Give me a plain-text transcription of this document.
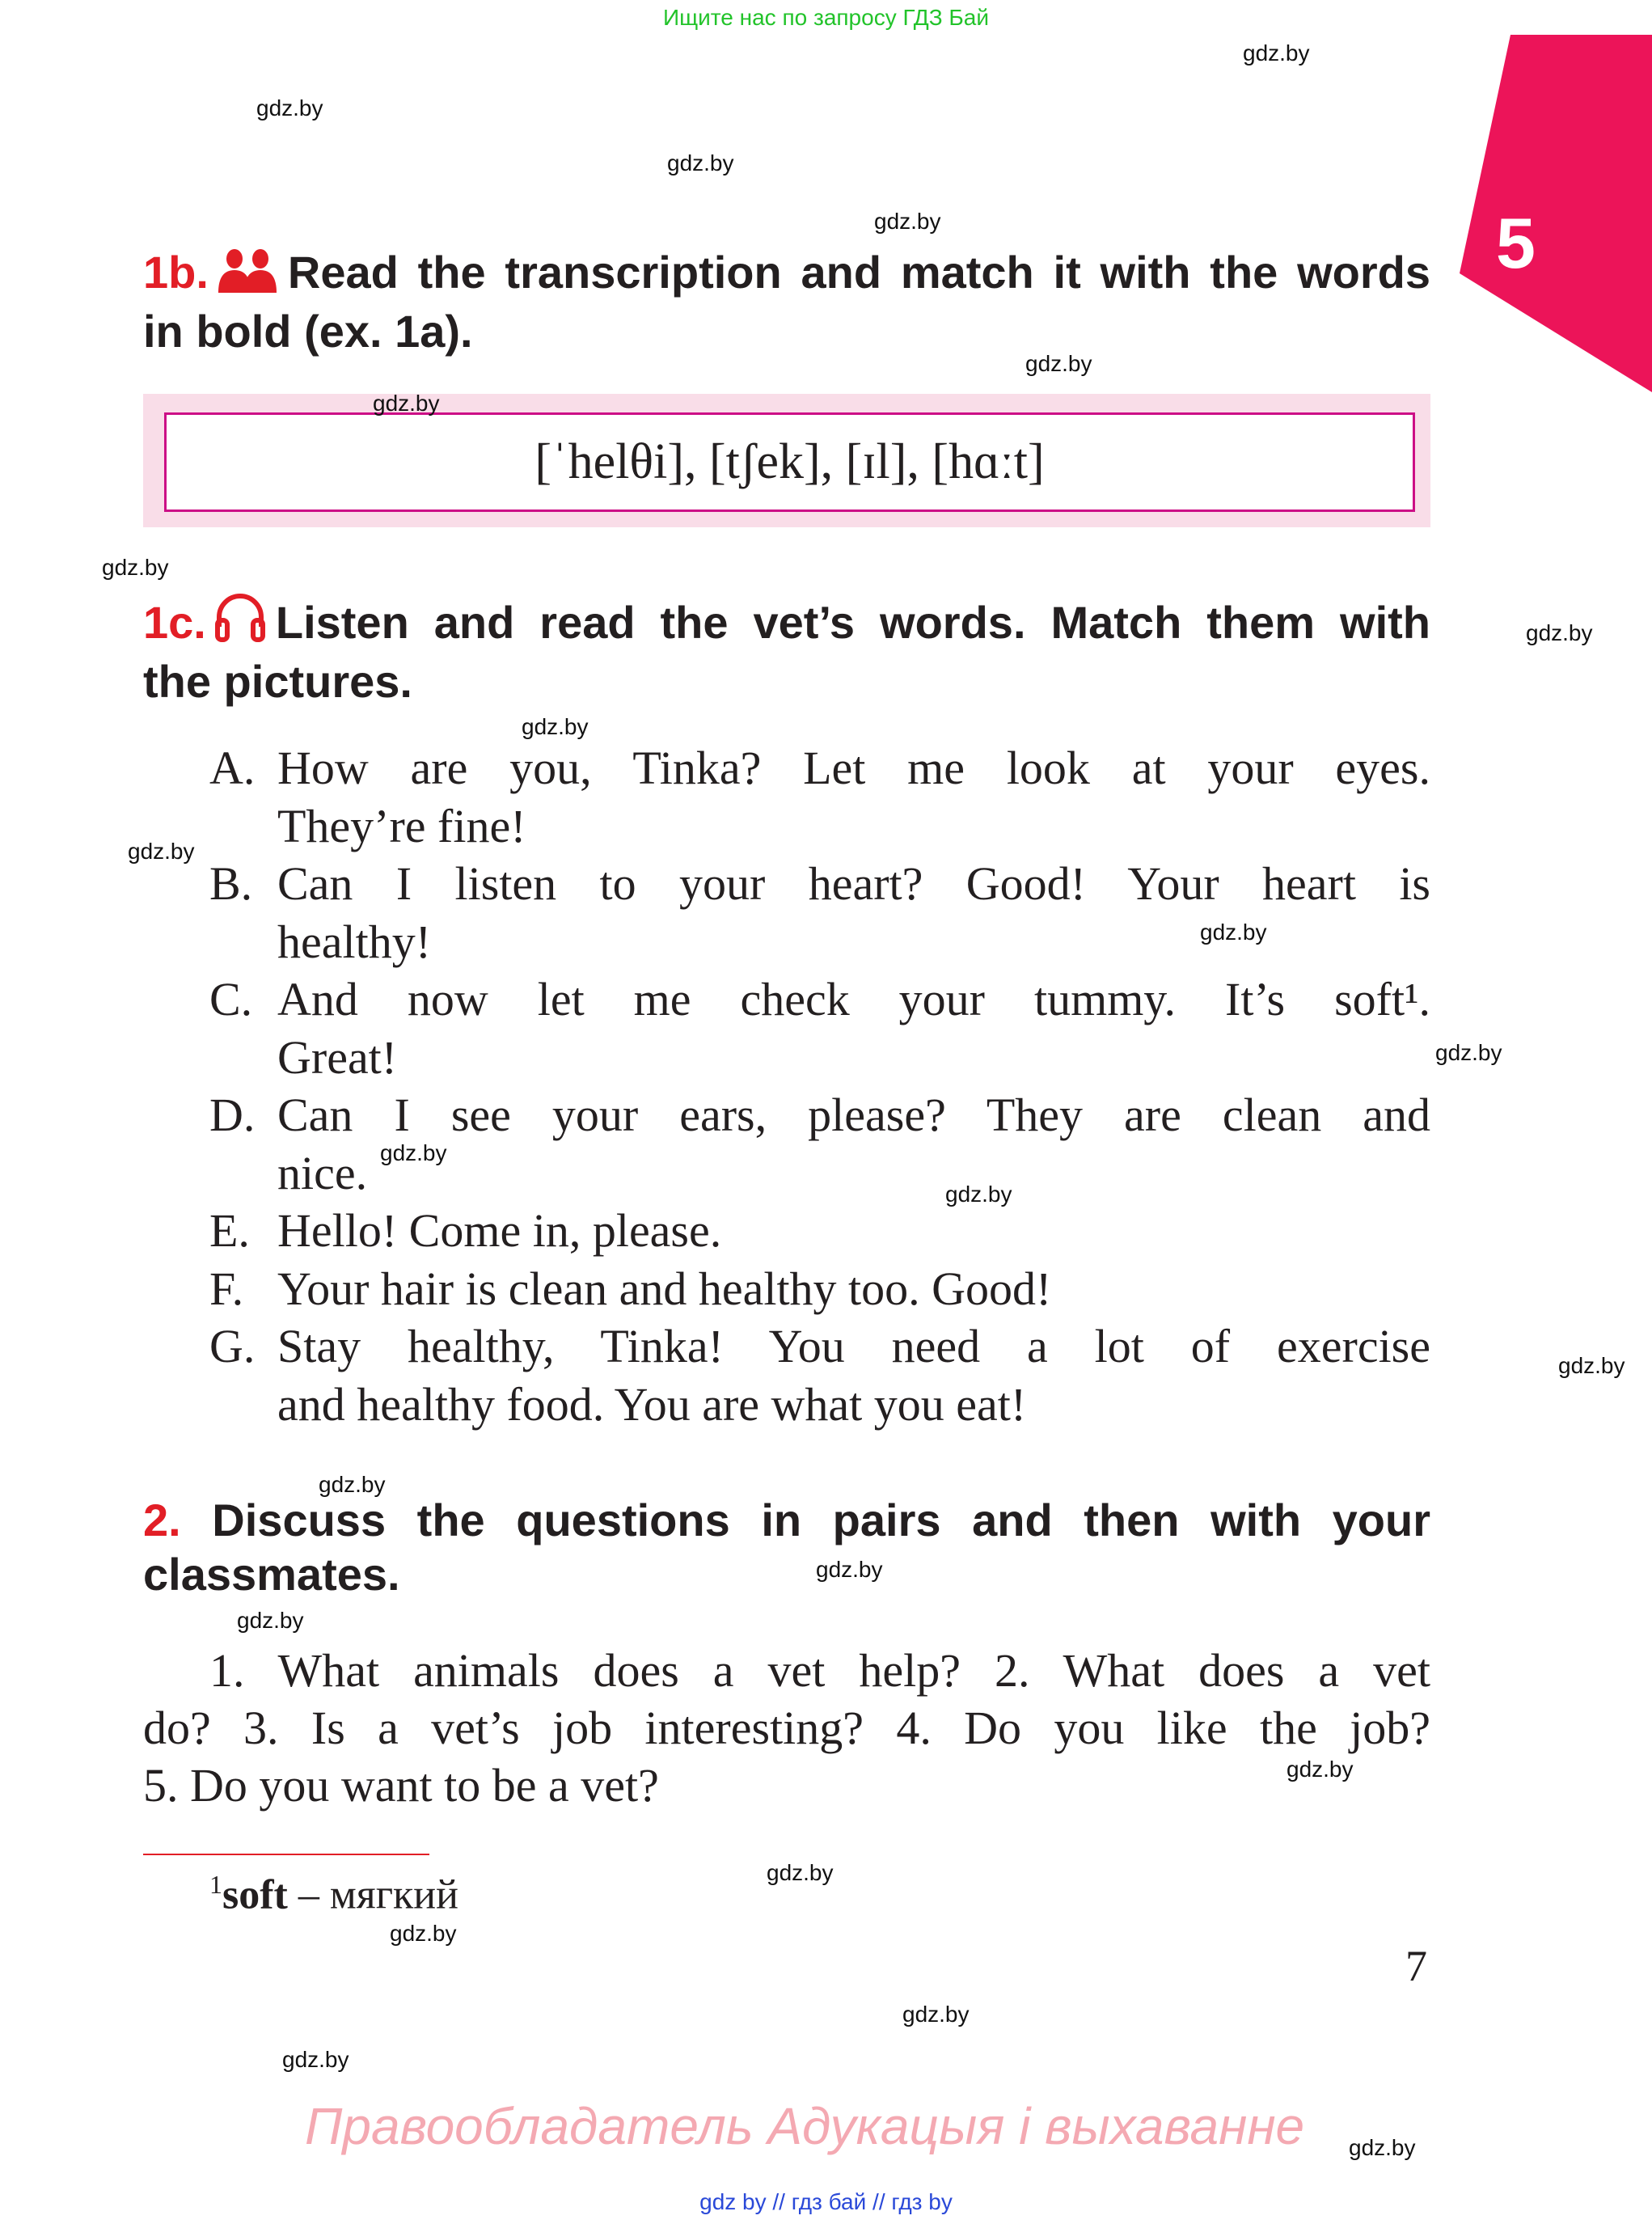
Ищите нас по запросу ГДЗ Бай
5
1b. Read the transcription and match it with the words
in bold (ex. 1a).
[ˈhelθi], [tʃek], [ɪl], [hɑːt]
1c. Listen and read the vet’s words. Match them with
the pictures.
A. How are you, Tinka? Let me look at your eyes.
They’re fine!
B. Can I listen to your heart? Good! Your heart is
healthy!
C. And now let me check your tummy. It’s soft¹.
Great!
D. Can I see your ears, please? They are clean and
nice.
E. Hello! Come in, please.
F. Your hair is clean and healthy too. Good!
G. Stay healthy, Tinka! You need a lot of exercise
and healthy food. You are what you eat!
2. Discuss the questions in pairs and then with your
classmates.
1. What animals does a vet help? 2. What does a vet
do? 3. Is a vet’s job interesting? 4. Do you like the job?
5. Do you want to be a vet?
$^1$soft – мягкий
7
Правообладатель Адукацыя і выхаванне
gdz by // гдз бай // гдз by
gdz.by
gdz.by
gdz.by
gdz.by
gdz.by
gdz.by
gdz.by
gdz.by
gdz.by
gdz.by
gdz.by
gdz.by
gdz.by
gdz.by
gdz.by
gdz.by
gdz.by
gdz.by
gdz.by
gdz.by
gdz.by
gdz.by
gdz.by
gdz.by
